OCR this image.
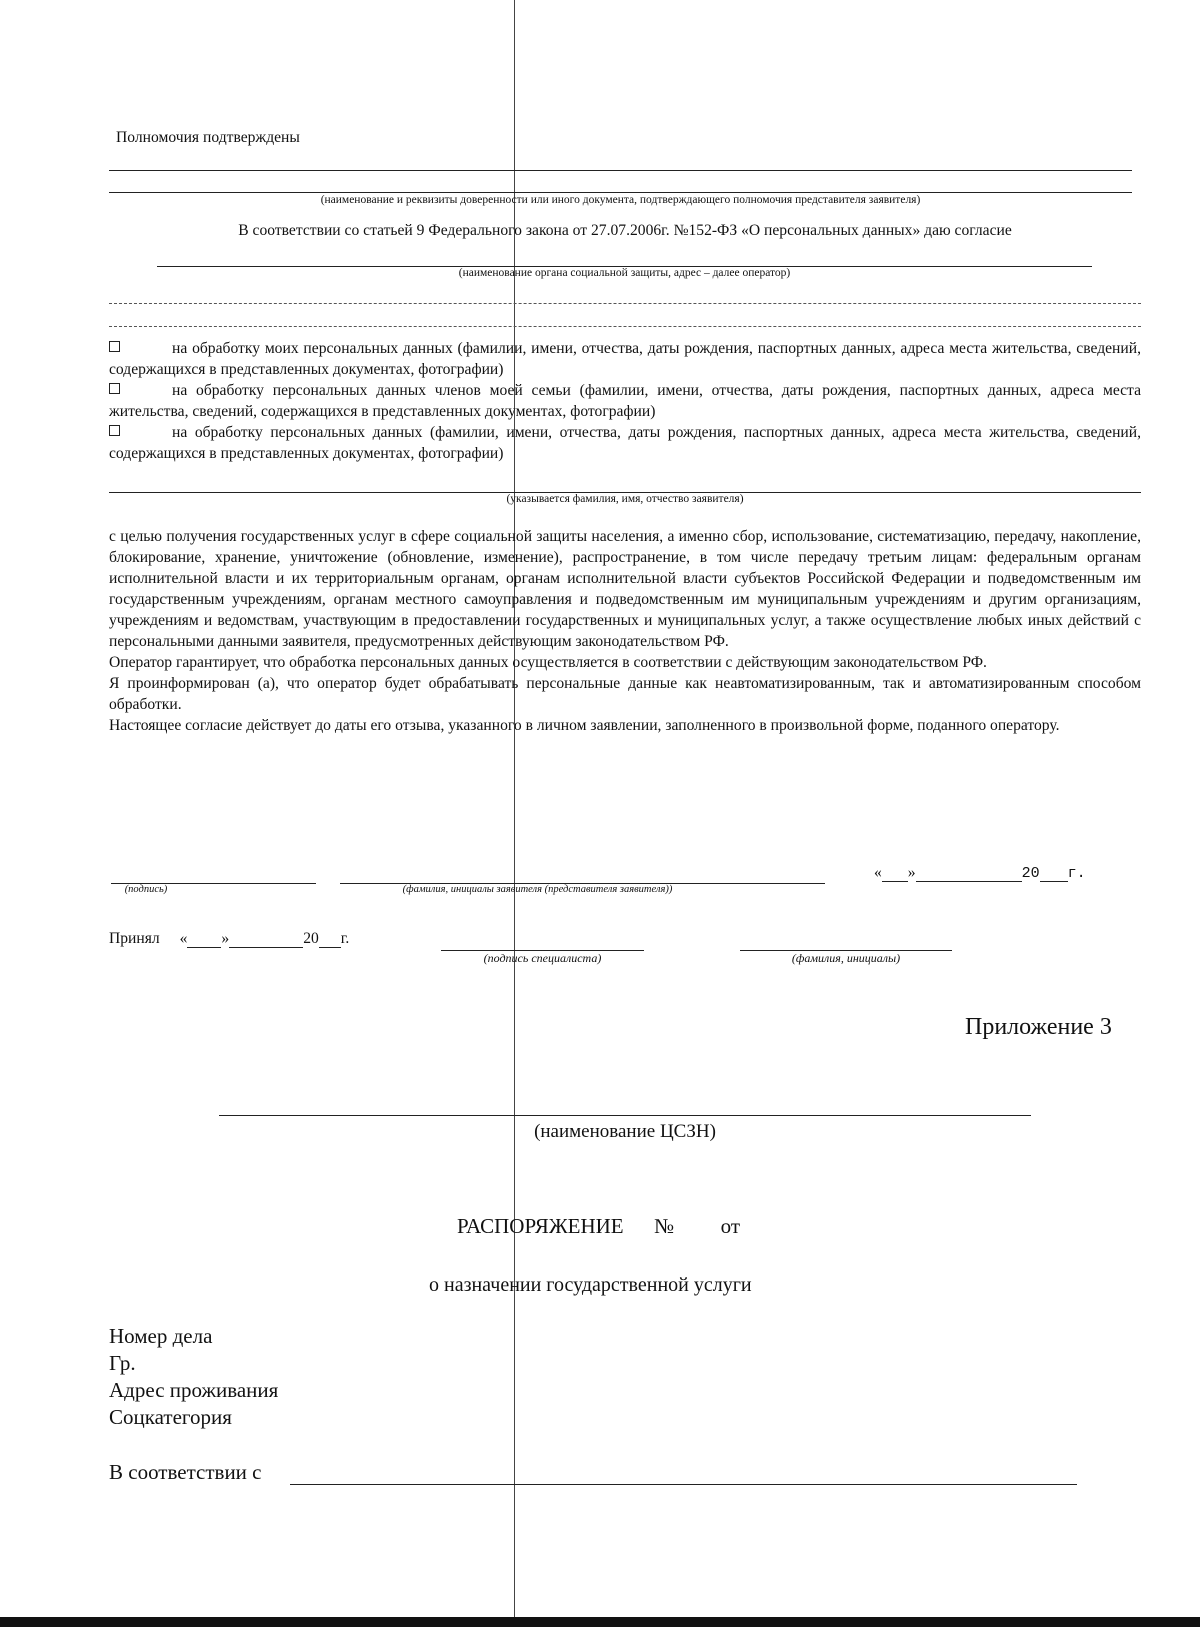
Полномочия подтверждены
(наименование и реквизиты доверенности или иного документа, подтверждающего полномочия представителя заявителя)
В соответствии со статьей 9 Федерального закона от 27.07.2006г. №152-ФЗ «О персональных данных» даю согласие
(наименование органа социальной защиты, адрес – далее оператор)

на обработку моих персональных данных (фамилии, имени, отчества, даты рождения, паспортных данных, адреса места жительства, сведений, содержащихся в представленных документах, фотографии)

на обработку персональных данных членов моей семьи (фамилии, имени, отчества, даты рождения, паспортных данных, адреса места жительства, сведений, содержащихся в представленных документах, фотографии)

на обработку персональных данных (фамилии, имени, отчества, даты рождения, паспортных данных, адреса места жительства, сведений, содержащихся в представленных документах, фотографии)

(указывается фамилия, имя, отчество заявителя)

с целью получения государственных услуг в сфере социальной защиты населения, а именно сбор, использование, систематизацию, передачу, накопление, блокирование, хранение, уничтожение (обновление, изменение), распространение, в том числе передачу третьим лицам: федеральным органам исполнительной власти и их территориальным органам, органам исполнительной власти субъектов Российской Федерации и подведомственным им государственным учреждениям, органам местного самоуправления и подведомственным им муниципальным учреждениям и другим организациям, учреждениям и ведомствам, участвующим в предоставлении государственных и муниципальных услуг, а также осуществление любых иных действий с персональными данными заявителя, предусмотренных действующим законодательством РФ.

Оператор гарантирует, что обработка персональных данных осуществляется в соответствии с действующим законодательством РФ.

Я проинформирован (а), что оператор будет обрабатывать персональные данные как неавтоматизированным, так и автоматизированным способом обработки.

Настоящее согласие действует до даты его отзыва, указанного в личном заявлении, заполненного в произвольной форме, поданного оператору.

(подпись)	(фамилия, инициалы заявителя (представителя заявителя))
« »	20 г.
Принял « »	20 г.
(подпись специалиста)	(фамилия, инициалы)
Приложение 3
(наименование ЦСЗН)
РАСПОРЯЖЕНИЕ № от
о назначении государственной услуги
Номер дела
Гр.
Адрес проживания
Соцкатегория
В соответствии с
